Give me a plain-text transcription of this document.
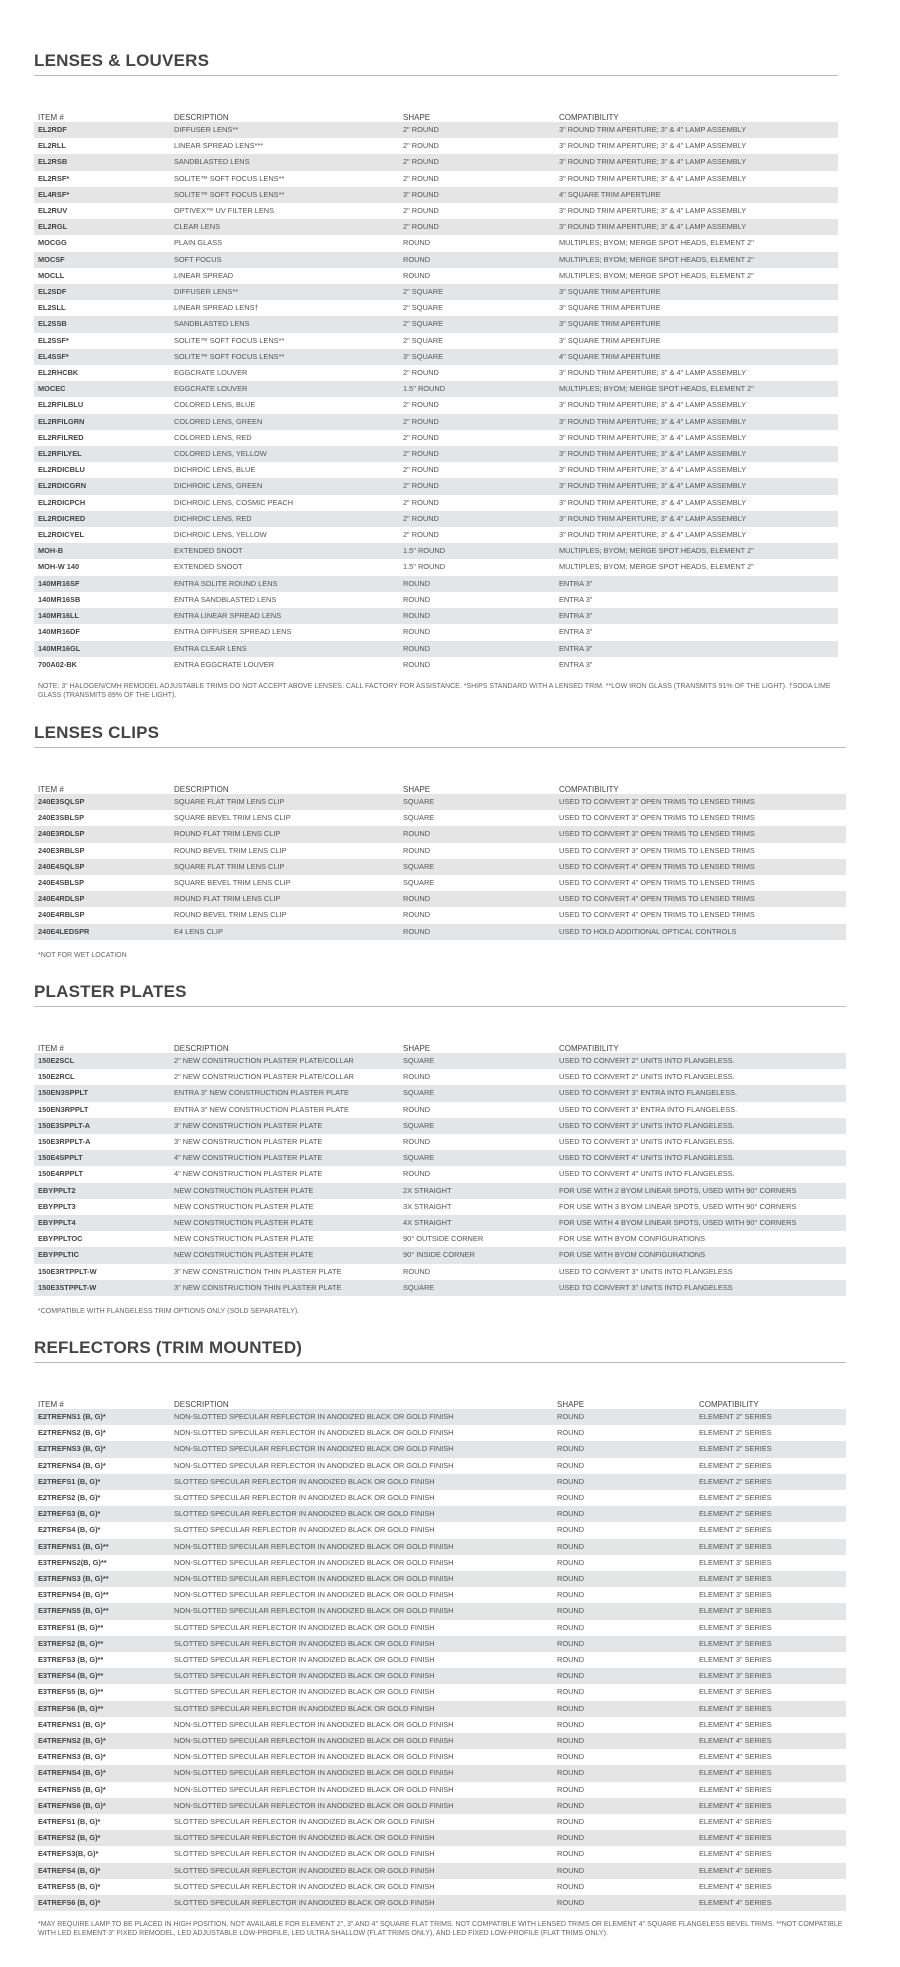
LENSES & LOUVERS
ITEM #	DESCRIPTION	SHAPE	COMPATIBILITY
EL2RDF	DIFFUSER LENS**	2" ROUND	3" ROUND TRIM APERTURE; 3" & 4" LAMP ASSEMBLY
EL2RLL	LINEAR SPREAD LENS***	2" ROUND	3" ROUND TRIM APERTURE; 3" & 4" LAMP ASSEMBLY
EL2RSB	SANDBLASTED LENS	2" ROUND	3" ROUND TRIM APERTURE; 3" & 4" LAMP ASSEMBLY
EL2RSF*	SOLITE™ SOFT FOCUS LENS**	2" ROUND	3" ROUND TRIM APERTURE; 3" & 4" LAMP ASSEMBLY
EL4RSF*	SOLITE™ SOFT FOCUS LENS**	3" ROUND	4" SQUARE TRIM APERTURE
EL2RUV	OPTIVEX™ UV FILTER LENS	2" ROUND	3" ROUND TRIM APERTURE; 3" & 4" LAMP ASSEMBLY
EL2RGL	CLEAR LENS	2" ROUND	3" ROUND TRIM APERTURE; 3" & 4" LAMP ASSEMBLY
MOCGG	PLAIN GLASS	ROUND	MULTIPLES; BYOM; MERGE SPOT HEADS, ELEMENT 2"
MOCSF	SOFT FOCUS	ROUND	MULTIPLES; BYOM; MERGE SPOT HEADS, ELEMENT 2"
MOCLL	LINEAR SPREAD	ROUND	MULTIPLES; BYOM; MERGE SPOT HEADS, ELEMENT 2"
EL2SDF	DIFFUSER LENS**	2" SQUARE	3" SQUARE TRIM APERTURE
EL2SLL	LINEAR SPREAD LENS†	2" SQUARE	3" SQUARE TRIM APERTURE
EL2SSB	SANDBLASTED LENS	2" SQUARE	3" SQUARE TRIM APERTURE
EL2SSF*	SOLITE™ SOFT FOCUS LENS**	2" SQUARE	3" SQUARE TRIM APERTURE
EL4SSF*	SOLITE™ SOFT FOCUS LENS**	3" SQUARE	4" SQUARE TRIM APERTURE
EL2RHCBK	EGGCRATE LOUVER	2" ROUND	3" ROUND TRIM APERTURE; 3" & 4" LAMP ASSEMBLY
MOCEC	EGGCRATE LOUVER	1.5" ROUND	MULTIPLES; BYOM; MERGE SPOT HEADS, ELEMENT 2"
EL2RFILBLU	COLORED LENS, BLUE	2" ROUND	3" ROUND TRIM APERTURE; 3" & 4" LAMP ASSEMBLY
EL2RFILGRN	COLORED LENS, GREEN	2" ROUND	3" ROUND TRIM APERTURE; 3" & 4" LAMP ASSEMBLY
EL2RFILRED	COLORED LENS, RED	2" ROUND	3" ROUND TRIM APERTURE; 3" & 4" LAMP ASSEMBLY
EL2RFILYEL	COLORED LENS, YELLOW	2" ROUND	3" ROUND TRIM APERTURE; 3" & 4" LAMP ASSEMBLY
EL2RDICBLU	DICHROIC LENS, BLUE	2" ROUND	3" ROUND TRIM APERTURE; 3" & 4" LAMP ASSEMBLY
EL2RDICGRN	DICHROIC LENS, GREEN	2" ROUND	3" ROUND TRIM APERTURE; 3" & 4" LAMP ASSEMBLY
EL2RDICPCH	DICHROIC LENS, COSMIC PEACH	2" ROUND	3" ROUND TRIM APERTURE; 3" & 4" LAMP ASSEMBLY
EL2RDICRED	DICHROIC LENS, RED	2" ROUND	3" ROUND TRIM APERTURE; 3" & 4" LAMP ASSEMBLY
EL2RDICYEL	DICHROIC LENS, YELLOW	2" ROUND	3" ROUND TRIM APERTURE; 3" & 4" LAMP ASSEMBLY
MOH-B	EXTENDED SNOOT	1.5" ROUND	MULTIPLES; BYOM; MERGE SPOT HEADS, ELEMENT 2"
MOH-W 140	EXTENDED SNOOT	1.5" ROUND	MULTIPLES; BYOM; MERGE SPOT HEADS, ELEMENT 2"
140MR16SF	ENTRA SOLITE ROUND LENS	ROUND	ENTRA 3"
140MR16SB	ENTRA SANDBLASTED LENS	ROUND	ENTRA 3"
140MR16LL	ENTRA LINEAR SPREAD LENS	ROUND	ENTRA 3"
140MR16DF	ENTRA DIFFUSER SPREAD LENS	ROUND	ENTRA 3"
140MR16GL	ENTRA CLEAR LENS	ROUND	ENTRA 3"
700A02-BK	ENTRA EGGCRATE LOUVER	ROUND	ENTRA 3"
NOTE: 3" HALOGEN/CMH REMODEL ADJUSTABLE TRIMS DO NOT ACCEPT ABOVE LENSES. CALL FACTORY FOR ASSISTANCE. *SHIPS STANDARD WITH A LENSED TRIM. **LOW IRON GLASS (TRANSMITS 91% OF THE LIGHT). †SODA LIME GLASS (TRANSMITS 89% OF THE LIGHT).
LENSES CLIPS
ITEM #	DESCRIPTION	SHAPE	COMPATIBILITY
240E3SQLSP	SQUARE FLAT TRIM LENS CLIP	SQUARE	USED TO CONVERT 3" OPEN TRIMS TO LENSED TRIMS
240E3SBLSP	SQUARE BEVEL TRIM LENS CLIP	SQUARE	USED TO CONVERT 3" OPEN TRIMS TO LENSED TRIMS
240E3RDLSP	ROUND FLAT TRIM LENS CLIP	ROUND	USED TO CONVERT 3" OPEN TRIMS TO LENSED TRIMS
240E3RBLSP	ROUND BEVEL TRIM LENS CLIP	ROUND	USED TO CONVERT 3" OPEN TRIMS TO LENSED TRIMS
240E4SQLSP	SQUARE FLAT TRIM LENS CLIP	SQUARE	USED TO CONVERT 4" OPEN TRIMS TO LENSED TRIMS
240E4SBLSP	SQUARE BEVEL TRIM LENS CLIP	SQUARE	USED TO CONVERT 4" OPEN TRIMS TO LENSED TRIMS
240E4RDLSP	ROUND FLAT TRIM LENS CLIP	ROUND	USED TO CONVERT 4" OPEN TRIMS TO LENSED TRIMS
240E4RBLSP	ROUND BEVEL TRIM LENS CLIP	ROUND	USED TO CONVERT 4" OPEN TRIMS TO LENSED TRIMS
240E4LEDSPR	E4 LENS CLIP	ROUND	USED TO HOLD ADDITIONAL OPTICAL CONTROLS
*NOT FOR WET LOCATION
PLASTER PLATES
ITEM #	DESCRIPTION	SHAPE	COMPATIBILITY
150E2SCL	2" NEW CONSTRUCTION PLASTER PLATE/COLLAR	SQUARE	USED TO CONVERT 2" UNITS INTO FLANGELESS.
150E2RCL	2" NEW CONSTRUCTION PLASTER PLATE/COLLAR	ROUND	USED TO CONVERT 2" UNITS INTO FLANGELESS.
150EN3SPPLT	ENTRA 3" NEW CONSTRUCTION PLASTER PLATE	SQUARE	USED TO CONVERT 3" ENTRA INTO FLANGELESS.
150EN3RPPLT	ENTRA 3" NEW CONSTRUCTION PLASTER PLATE	ROUND	USED TO CONVERT 3" ENTRA INTO FLANGELESS.
150E3SPPLT-A	3" NEW CONSTRUCTION PLASTER PLATE	SQUARE	USED TO CONVERT 3" UNITS INTO FLANGELESS.
150E3RPPLT-A	3" NEW CONSTRUCTION PLASTER PLATE	ROUND	USED TO CONVERT 3" UNITS INTO FLANGELESS.
150E4SPPLT	4" NEW CONSTRUCTION PLASTER PLATE	SQUARE	USED TO CONVERT 4" UNITS INTO FLANGELESS.
150E4RPPLT	4" NEW CONSTRUCTION PLASTER PLATE	ROUND	USED TO CONVERT 4" UNITS INTO FLANGELESS.
EBYPPLT2	NEW CONSTRUCTION PLASTER PLATE	2X STRAIGHT	FOR USE WITH 2 BYOM LINEAR SPOTS, USED WITH 90° CORNERS
EBYPPLT3	NEW CONSTRUCTION PLASTER PLATE	3X STRAIGHT	FOR USE WITH 3 BYOM LINEAR SPOTS, USED WITH 90° CORNERS
EBYPPLT4	NEW CONSTRUCTION PLASTER PLATE	4X STRAIGHT	FOR USE WITH 4 BYOM LINEAR SPOTS, USED WITH 90° CORNERS
EBYPPLTOC	NEW CONSTRUCTION PLASTER PLATE	90° OUTSIDE CORNER	FOR USE WITH BYOM CONFIGURATIONS
EBYPPLTIC	NEW CONSTRUCTION PLASTER PLATE	90° INSIDE CORNER	FOR USE WITH BYOM CONFIGURATIONS
150E3RTPPLT-W	3" NEW CONSTRUCTION THIN PLASTER PLATE	ROUND	USED TO CONVERT 3" UNITS INTO FLANGELESS
150E3STPPLT-W	3" NEW CONSTRUCTION THIN PLASTER PLATE	SQUARE	USED TO CONVERT 3" UNITS INTO FLANGELESS
*COMPATIBLE WITH FLANGELESS TRIM OPTIONS ONLY (SOLD SEPARATELY).
REFLECTORS (TRIM MOUNTED)
ITEM #	DESCRIPTION	SHAPE	COMPATIBILITY
E2TREFNS1 (B, G)*	NON-SLOTTED SPECULAR REFLECTOR IN ANODIZED BLACK OR GOLD FINISH	ROUND	ELEMENT 2" SERIES
E2TREFNS2 (B, G)*	NON-SLOTTED SPECULAR REFLECTOR IN ANODIZED BLACK OR GOLD FINISH	ROUND	ELEMENT 2" SERIES
E2TREFNS3 (B, G)*	NON-SLOTTED SPECULAR REFLECTOR IN ANODIZED BLACK OR GOLD FINISH	ROUND	ELEMENT 2" SERIES
E2TREFNS4 (B, G)*	NON-SLOTTED SPECULAR REFLECTOR IN ANODIZED BLACK OR GOLD FINISH	ROUND	ELEMENT 2" SERIES
E2TREFS1 (B, G)*	SLOTTED SPECULAR REFLECTOR IN ANODIZED BLACK OR GOLD FINISH	ROUND	ELEMENT 2" SERIES
E2TREFS2 (B, G)*	SLOTTED SPECULAR REFLECTOR IN ANODIZED BLACK OR GOLD FINISH	ROUND	ELEMENT 2" SERIES
E2TREFS3 (B, G)*	SLOTTED SPECULAR REFLECTOR IN ANODIZED BLACK OR GOLD FINISH	ROUND	ELEMENT 2" SERIES
E2TREFS4 (B, G)*	SLOTTED SPECULAR REFLECTOR IN ANODIZED BLACK OR GOLD FINISH	ROUND	ELEMENT 2" SERIES
E3TREFNS1 (B, G)**	NON-SLOTTED SPECULAR REFLECTOR IN ANODIZED BLACK OR GOLD FINISH	ROUND	ELEMENT 3" SERIES
E3TREFNS2(B, G)**	NON-SLOTTED SPECULAR REFLECTOR IN ANODIZED BLACK OR GOLD FINISH	ROUND	ELEMENT 3" SERIES
E3TREFNS3 (B, G)**	NON-SLOTTED SPECULAR REFLECTOR IN ANODIZED BLACK OR GOLD FINISH	ROUND	ELEMENT 3" SERIES
E3TREFNS4 (B, G)**	NON-SLOTTED SPECULAR REFLECTOR IN ANODIZED BLACK OR GOLD FINISH	ROUND	ELEMENT 3" SERIES
E3TREFNS5 (B, G)**	NON-SLOTTED SPECULAR REFLECTOR IN ANODIZED BLACK OR GOLD FINISH	ROUND	ELEMENT 3" SERIES
E3TREFS1 (B, G)**	SLOTTED SPECULAR REFLECTOR IN ANODIZED BLACK OR GOLD FINISH	ROUND	ELEMENT 3" SERIES
E3TREFS2 (B, G)**	SLOTTED SPECULAR REFLECTOR IN ANODIZED BLACK OR GOLD FINISH	ROUND	ELEMENT 3" SERIES
E3TREFS3 (B, G)**	SLOTTED SPECULAR REFLECTOR IN ANODIZED BLACK OR GOLD FINISH	ROUND	ELEMENT 3" SERIES
E3TREFS4 (B, G)**	SLOTTED SPECULAR REFLECTOR IN ANODIZED BLACK OR GOLD FINISH	ROUND	ELEMENT 3" SERIES
E3TREFS5 (B, G)**	SLOTTED SPECULAR REFLECTOR IN ANODIZED BLACK OR GOLD FINISH	ROUND	ELEMENT 3" SERIES
E3TREFS6 (B, G)**	SLOTTED SPECULAR REFLECTOR IN ANODIZED BLACK OR GOLD FINISH	ROUND	ELEMENT 3" SERIES
E4TREFNS1 (B, G)*	NON-SLOTTED SPECULAR REFLECTOR IN ANODIZED BLACK OR GOLD FINISH	ROUND	ELEMENT 4" SERIES
E4TREFNS2 (B, G)*	NON-SLOTTED SPECULAR REFLECTOR IN ANODIZED BLACK OR GOLD FINISH	ROUND	ELEMENT 4" SERIES
E4TREFNS3 (B, G)*	NON-SLOTTED SPECULAR REFLECTOR IN ANODIZED BLACK OR GOLD FINISH	ROUND	ELEMENT 4" SERIES
E4TREFNS4 (B, G)*	NON-SLOTTED SPECULAR REFLECTOR IN ANODIZED BLACK OR GOLD FINISH	ROUND	ELEMENT 4" SERIES
E4TREFNS5 (B, G)*	NON-SLOTTED SPECULAR REFLECTOR IN ANODIZED BLACK OR GOLD FINISH	ROUND	ELEMENT 4" SERIES
E4TREFNS6 (B, G)*	NON-SLOTTED SPECULAR REFLECTOR IN ANODIZED BLACK OR GOLD FINISH	ROUND	ELEMENT 4" SERIES
E4TREFS1 (B, G)*	SLOTTED SPECULAR REFLECTOR IN ANODIZED BLACK OR GOLD FINISH	ROUND	ELEMENT 4" SERIES
E4TREFS2 (B, G)*	SLOTTED SPECULAR REFLECTOR IN ANODIZED BLACK OR GOLD FINISH	ROUND	ELEMENT 4" SERIES
E4TREFS3(B, G)*	SLOTTED SPECULAR REFLECTOR IN ANODIZED BLACK OR GOLD FINISH	ROUND	ELEMENT 4" SERIES
E4TREFS4 (B, G)*	SLOTTED SPECULAR REFLECTOR IN ANODIZED BLACK OR GOLD FINISH	ROUND	ELEMENT 4" SERIES
E4TREFS5 (B, G)*	SLOTTED SPECULAR REFLECTOR IN ANODIZED BLACK OR GOLD FINISH	ROUND	ELEMENT 4" SERIES
E4TREFS6 (B, G)*	SLOTTED SPECULAR REFLECTOR IN ANODIZED BLACK OR GOLD FINISH	ROUND	ELEMENT 4" SERIES
*MAY REQUIRE LAMP TO BE PLACED IN HIGH POSITION. NOT AVAILABLE FOR ELEMENT 2", 3" AND 4" SQUARE FLAT TRIMS. NOT COMPATIBLE WITH LENSED TRIMS OR ELEMENT 4" SQUARE FLANGELESS BEVEL TRIMS. **NOT COMPATIBLE WITH LED ELEMENT 3" FIXED REMODEL, LED ADJUSTABLE LOW-PROFILE, LED ULTRA SHALLOW (FLAT TRIMS ONLY), AND LED FIXED LOW-PROFILE (FLAT TRIMS ONLY).
